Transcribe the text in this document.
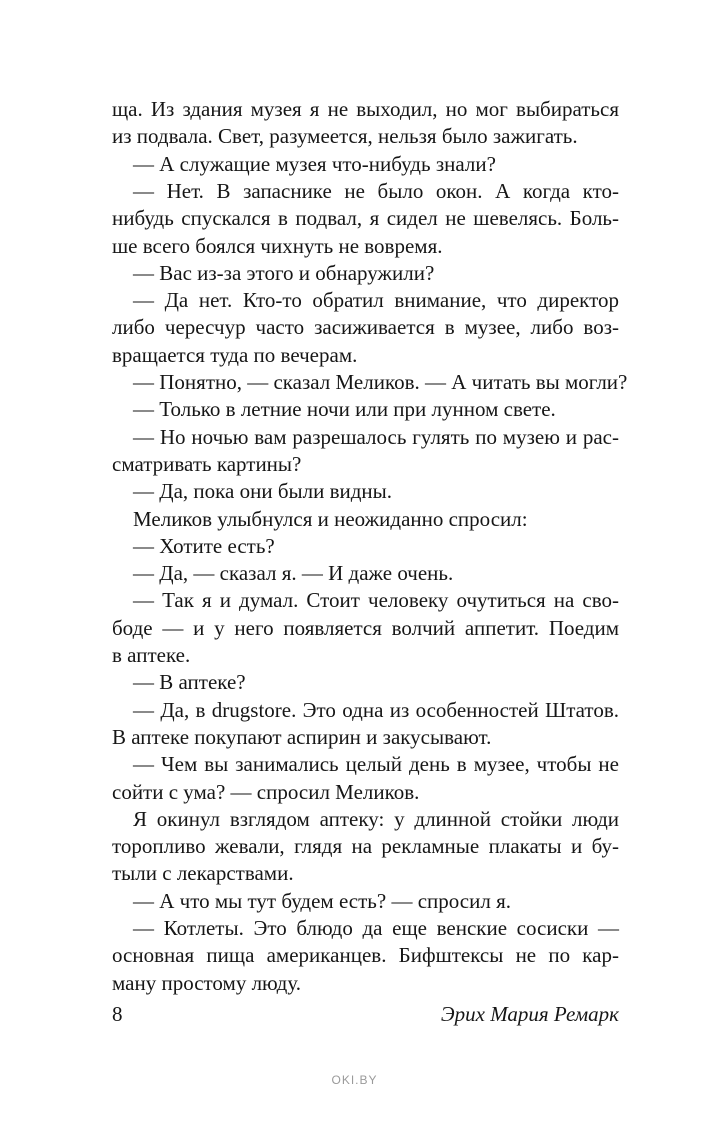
ща. Из здания музея я не выходил, но мог выбираться
из подвала. Свет, разумеется, нельзя было зажигать.
— А служащие музея что-нибудь знали?
— Нет. В запаснике не было окон. А когда кто-
нибудь спускался в подвал, я сидел не шевелясь. Боль-
ше всего боялся чихнуть не вовремя.
— Вас из-за этого и обнаружили?
— Да нет. Кто-то обратил внимание, что директор
либо чересчур часто засиживается в музее, либо воз-
вращается туда по вечерам.
— Понятно, — сказал Меликов. — А читать вы могли?
— Только в летние ночи или при лунном свете.
— Но ночью вам разрешалось гулять по музею и рас-
сматривать картины?
— Да, пока они были видны.
Меликов улыбнулся и неожиданно спросил:
— Хотите есть?
— Да, — сказал я. — И даже очень.
— Так я и думал. Стоит человеку очутиться на сво-
боде — и у него появляется волчий аппетит. Поедим
в аптеке.
— В аптеке?
— Да, в drugstore. Это одна из особенностей Штатов.
В аптеке покупают аспирин и закусывают.
— Чем вы занимались целый день в музее, чтобы не
сойти с ума? — спросил Меликов.
Я окинул взглядом аптеку: у длинной стойки люди
торопливо жевали, глядя на рекламные плакаты и бу-
тыли с лекарствами.
— А что мы тут будем есть? — спросил я.
— Котлеты. Это блюдо да еще венские сосиски —
основная пища американцев. Бифштексы не по кар-
ману простому люду.
8	Эрих Мария Ремарк
OKI.BY
